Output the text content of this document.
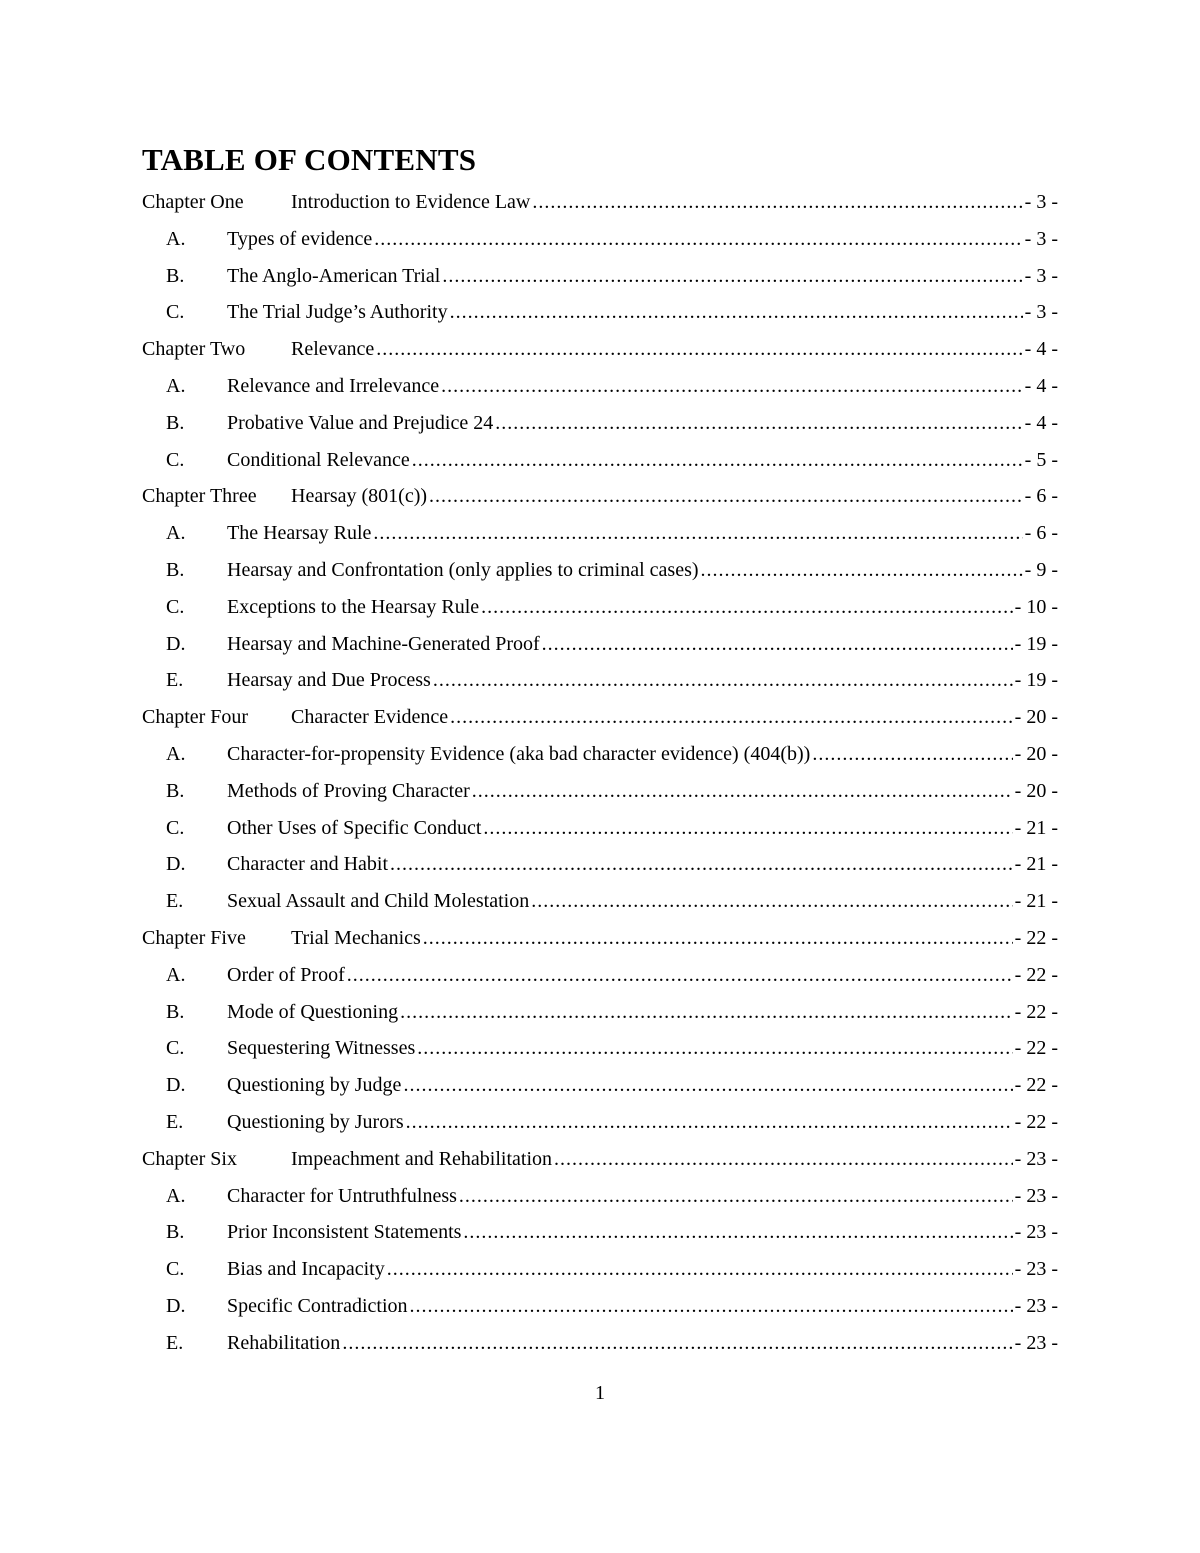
TABLE OF CONTENTS
Chapter One	Introduction to Evidence Law .....	- 3 -
A.	Types of evidence .....	- 3 -
B.	The Anglo-American Trial .....	- 3 -
C.	The Trial Judge’s Authority .....	- 3 -
Chapter Two	Relevance .....	- 4 -
A.	Relevance and Irrelevance .....	- 4 -
B.	Probative Value and Prejudice 24 .....	- 4 -
C.	Conditional Relevance .....	- 5 -
Chapter Three	Hearsay (801(c)) .....	- 6 -
A.	The Hearsay Rule .....	- 6 -
B.	Hearsay and Confrontation (only applies to criminal cases) .....	- 9 -
C.	Exceptions to the Hearsay Rule .....	- 10 -
D.	Hearsay and Machine-Generated Proof .....	- 19 -
E.	Hearsay and Due Process .....	- 19 -
Chapter Four	Character Evidence .....	- 20 -
A.	Character-for-propensity Evidence (aka bad character evidence) (404(b)) .....	- 20 -
B.	Methods of Proving Character .....	- 20 -
C.	Other Uses of Specific Conduct .....	- 21 -
D.	Character and Habit .....	- 21 -
E.	Sexual Assault and Child Molestation .....	- 21 -
Chapter Five	Trial Mechanics .....	- 22 -
A.	Order of Proof .....	- 22 -
B.	Mode of Questioning .....	- 22 -
C.	Sequestering Witnesses .....	- 22 -
D.	Questioning by Judge .....	- 22 -
E.	Questioning by Jurors .....	- 22 -
Chapter Six	Impeachment and Rehabilitation .....	- 23 -
A.	Character for Untruthfulness .....	- 23 -
B.	Prior Inconsistent Statements .....	- 23 -
C.	Bias and Incapacity .....	- 23 -
D.	Specific Contradiction .....	- 23 -
E.	Rehabilitation .....	- 23 -
1
